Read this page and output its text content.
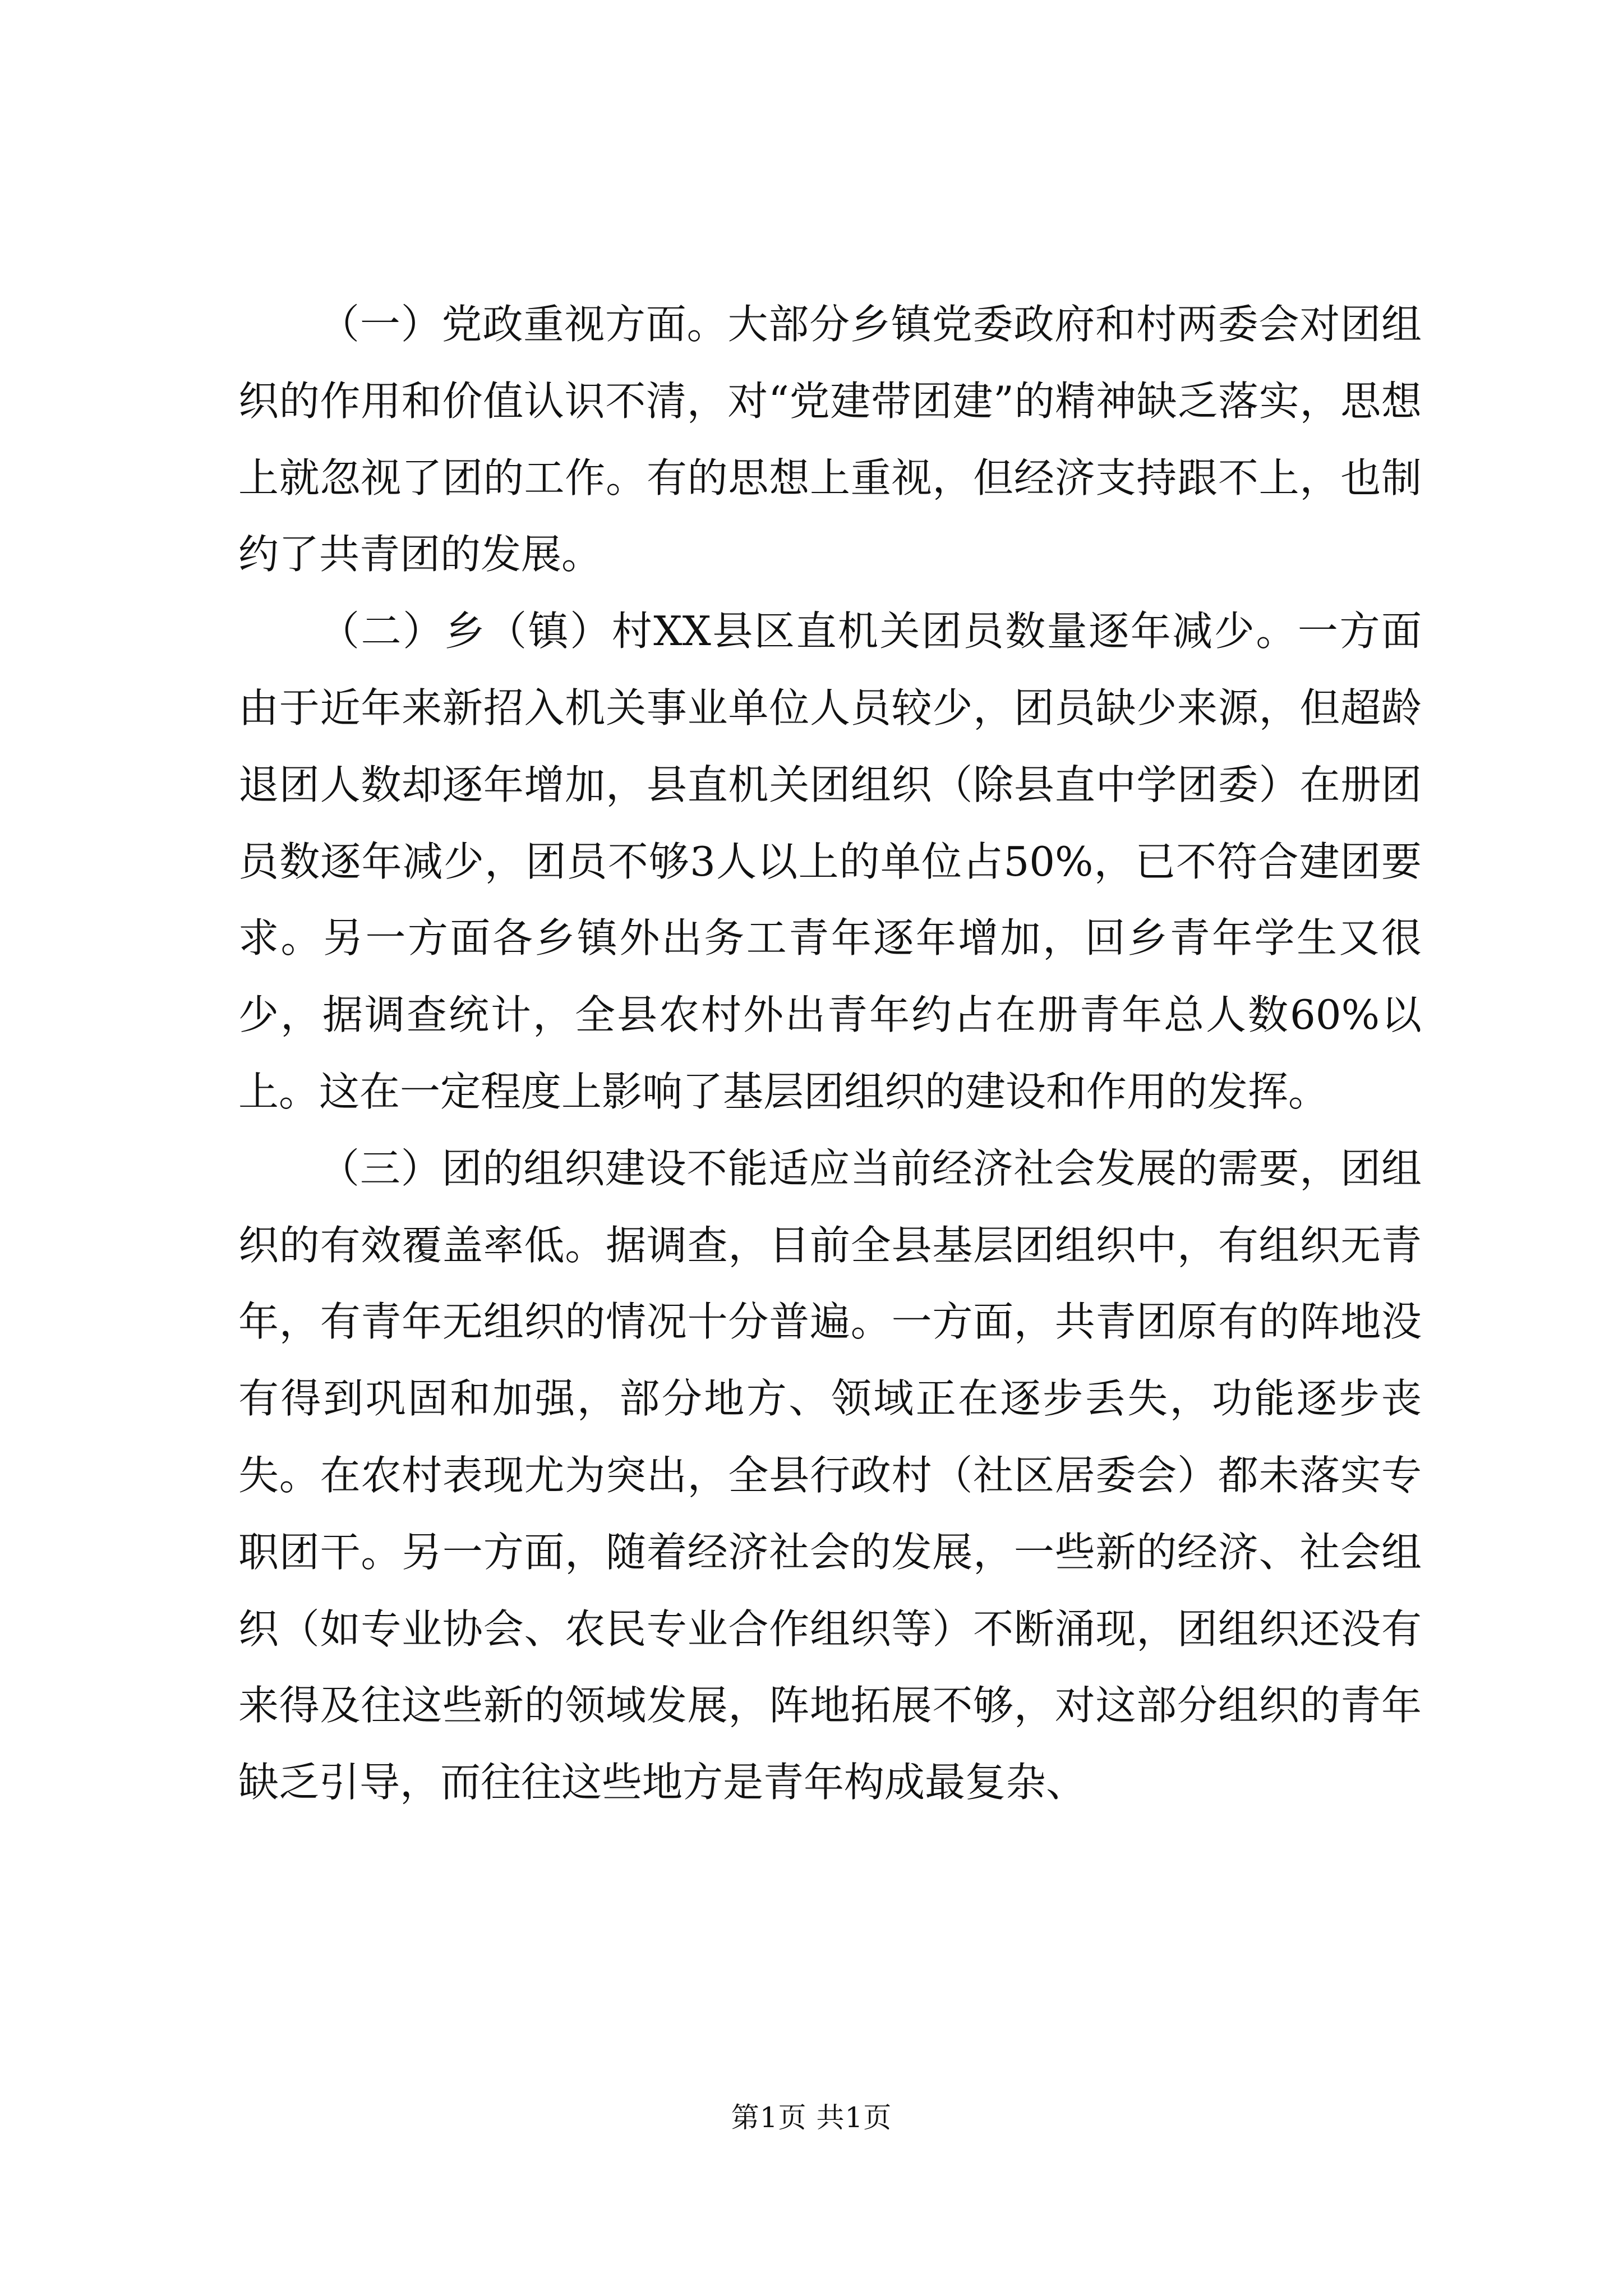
（一）党政重视方面。大部分乡镇党委政府和村两委会对团组织的作用和价值认识不清，对“党建带团建”的精神缺乏落实，思想上就忽视了团的工作。有的思想上重视，但经济支持跟不上，也制约了共青团的发展。

（二）乡（镇）村XX县区直机关团员数量逐年减少。一方面由于近年来新招入机关事业单位人员较少，团员缺少来源，但超龄退团人数却逐年增加，县直机关团组织（除县直中学团委）在册团员数逐年减少，团员不够3人以上的单位占50%，已不符合建团要求。另一方面各乡镇外出务工青年逐年增加，回乡青年学生又很少，据调查统计，全县农村外出青年约占在册青年总人数60%以上。这在一定程度上影响了基层团组织的建设和作用的发挥。

（三）团的组织建设不能适应当前经济社会发展的需要，团组织的有效覆盖率低。据调查，目前全县基层团组织中，有组织无青年，有青年无组织的情况十分普遍。一方面，共青团原有的阵地没有得到巩固和加强，部分地方、领域正在逐步丢失，功能逐步丧失。在农村表现尤为突出，全县行政村（社区居委会）都未落实专职团干。另一方面，随着经济社会的发展，一些新的经济、社会组织（如专业协会、农民专业合作组织等）不断涌现，团组织还没有来得及往这些新的领域发展，阵地拓展不够，对这部分组织的青年缺乏引导，而往往这些地方是青年构成最复杂、

第1页 共1页
